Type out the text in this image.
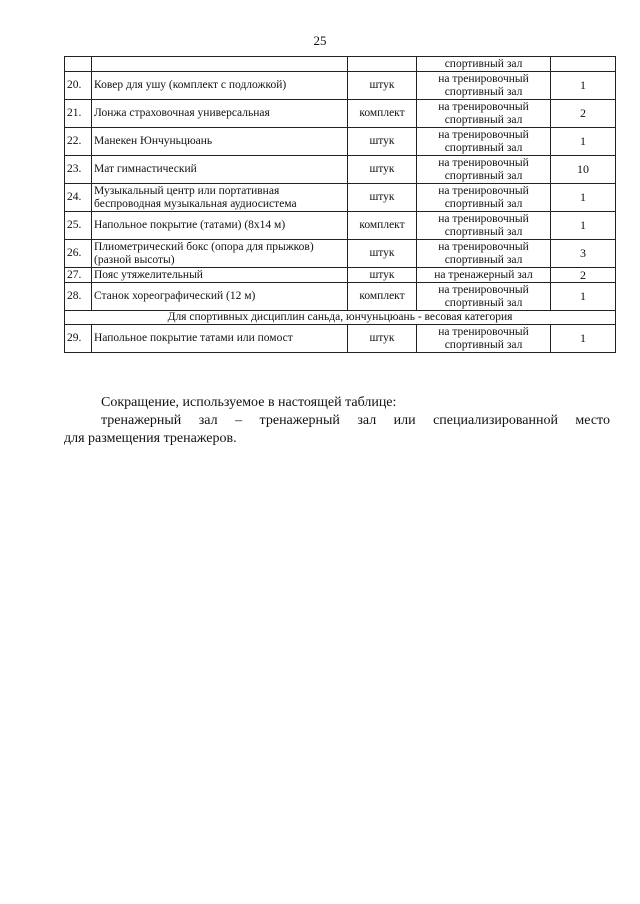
25
			спортивный зал	
20.	Ковер для ушу (комплект с подложкой)	штук	на тренировочный спортивный зал	1
21.	Лонжа страховочная универсальная	комплект	на тренировочный спортивный зал	2
22.	Манекен Юнчуньцюань	штук	на тренировочный спортивный зал	1
23.	Мат гимнастический	штук	на тренировочный спортивный зал	10
24.	Музыкальный центр или портативная беспроводная музыкальная аудиосистема	штук	на тренировочный спортивный зал	1
25.	Напольное покрытие (татами) (8х14 м)	комплект	на тренировочный спортивный зал	1
26.	Плиометрический бокс (опора для прыжков) (разной высоты)	штук	на тренировочный спортивный зал	3
27.	Пояс утяжелительный	штук	на тренажерный зал	2
28.	Станок хореографический (12 м)	комплект	на тренировочный спортивный зал	1
Для спортивных дисциплин саньда, юнчуньцюань - весовая категория				
29.	Напольное покрытие татами или помост	штук	на тренировочный спортивный зал	1
Сокращение, используемое в настоящей таблице:
тренажерный зал – тренажерный зал или специализированной место
для размещения тренажеров.
